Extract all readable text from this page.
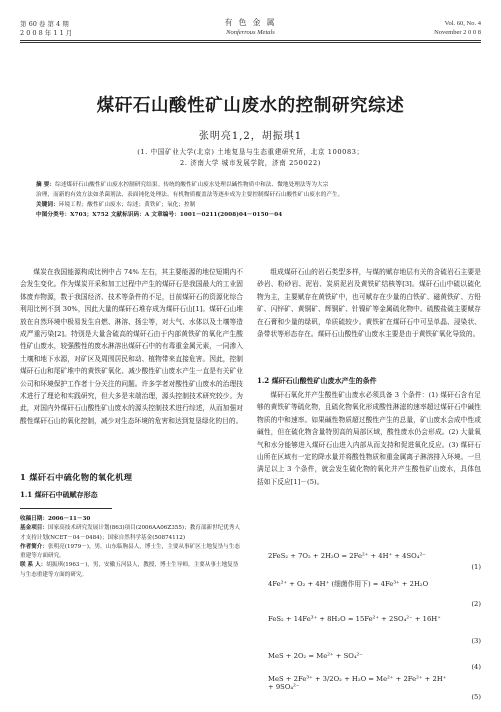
第 60 卷 第 4 期
2 0 0 8 年 1 1 月
有 色 金 属
Nonferrous Metals
Vol. 60, No. 4
November 2 0 0 8
煤矸石山酸性矿山废水的控制研究综述
张明亮1,2，胡振琪1
(1. 中国矿业大学(北京) 土地复垦与生态重建研究所，北京 100083；
2. 济南大学 城市发展学院，济南 250022)
摘 要：综述煤矸石山酸性矿山废水控制研究结果。传统的酸性矿山废水处理以碱性物质中和法、微地处理法等为大宗
治理，而新的有效方法如杀菌剂法、表面钝化处理法、有机物质覆盖法等逐步成为主要控制煤矸石山酸性矿山废水的产生。
关键词：环境工程；酸性矿山废水；综述；黄铁矿；氧化；控制
中图分类号：X703；X752 文献标识码：A 文章编号：1001－0211(2008)04－0150－04

煤炭在我国能源构成比例中占 74% 左右，其主要能源的地位短期内不会发生变化。作为煤炭开采和加工过程中产生的煤矸石是我国最大的工业固体废弃物源，数于我国经济、技术等条件的不足，目前煤矸石的资源化综合利用比例不到 30%，因此大量的煤矸石堆存成为煤矸石山[1]。煤矸石山堆放在自然环境中极易发生自燃、淋溶、扬尘等，对大气、水体以及土壤等造成严重污染[2]。特别是大量含硫高的煤矸石由于内部黄铁矿的氧化产生酸性矿山废水，较强酸性的废水淋溶出煤矸石中的有毒重金属元素，一同渗入土壤和地下水源，对矿区及周围居民和动、植物带来直接危害。因此，控制煤矸石山和尾矿堆中的黄铁矿氧化、减少酸性矿山废水产生一直是有关矿业公司和环境保护工作者十分关注的问题。许多学者对酸性矿山废水的治理技术进行了理论和实践研究，但大多是末端治理，源头控制技术研究较少。为此，对国内外煤矸石山酸性矿山废水的源头控制技术进行综述，从而加强对酸性煤矸石山的氧化控制，减少对生态环境的危害和达到复垦绿化的目的。

1 煤矸石中硫化物的氧化机理
1.1 煤矸石中硫赋存形态
收稿日期：2006－11－30
基金项目：国家高技术研究发展计划(863)项目(2006AA06Z355)；教育部新世纪优秀人才支持计划(NCET－04－0484)；国家自然科学基金(50874112)
作者简介：张明亮(1979－)，男，山东临朐县人，博士生，主要从事矿区土地复垦与生态重建等方面研究。
联 系 人：胡振琪(1963－)，男，安徽五河县人，教授，博士生导师，主要从事土地复垦与生态重建等方面的研究。

组成煤矸石山的岩石类型多样，与煤的赋存地层有关的含硫岩石主要是砂岩、粉砂岩、泥岩、炭质泥岩及黄铁矿结核等[3]。煤矸石山中硫以硫化物为主，主要赋存在黄铁矿中，也可赋存在少量的白铁矿、磁黄铁矿、方铅矿、闪锌矿、黄铜矿、辉铜矿、针镍矿等金属硫化物中。硫酸盐硫主要赋存在石膏和少量的绿矾，单质硫较少。黄铁矿在煤矸石中可呈单晶、浸染状、条带状等形态存在。煤矸石山酸性矿山废水主要是由于黄铁矿氧化导致的。

1.2 煤矸石山酸性矿山废水产生的条件

煤矸石氧化并产生酸性矿山废水必须具备 3 个条件：(1) 煤矸石含有足够的黄铁矿等硫化物，且硫化物氧化形成酸性淋滤的速率超过煤矸石中碱性物质的中和速率。如果碱性物质超过酸性产生的总量，矿山废水会成中性或碱性，但在硫化物含量特别高的局部区域，酸性废水仍会形成。(2) 大量氧气和水分能够进入煤矸石山进入内部从而支持和促进氧化反应。(3) 煤矸石山所在区域有一定的降水量并将酸性物质和重金属离子淋溶排入环境。一旦满足以上 3 个条件，就会发生硫化物的氧化并产生酸性矿山废水，具体包括如下反应[1]－(5)。

2FeS₂ + 7O₂ + 2H₂O = 2Fe²⁺ + 4H⁺ + 4SO₄²⁻
(1)
4Fe²⁺ + O₂ + 4H⁺ (细菌作用下) = 4Fe³⁺ + 2H₂O
(2)
FeS₂ + 14Fe³⁺ + 8H₂O = 15Fe²⁺ + 2SO₄²⁻ + 16H⁺
(3)
MeS + 2O₂ = Me²⁺ + SO₄²⁻
(4)
MeS + 2Fe³⁺ + 3/2O₂ + H₂O = Me²⁺ + 2Fe²⁺ + 2H⁺ + 9SO₄²⁻
(5)
